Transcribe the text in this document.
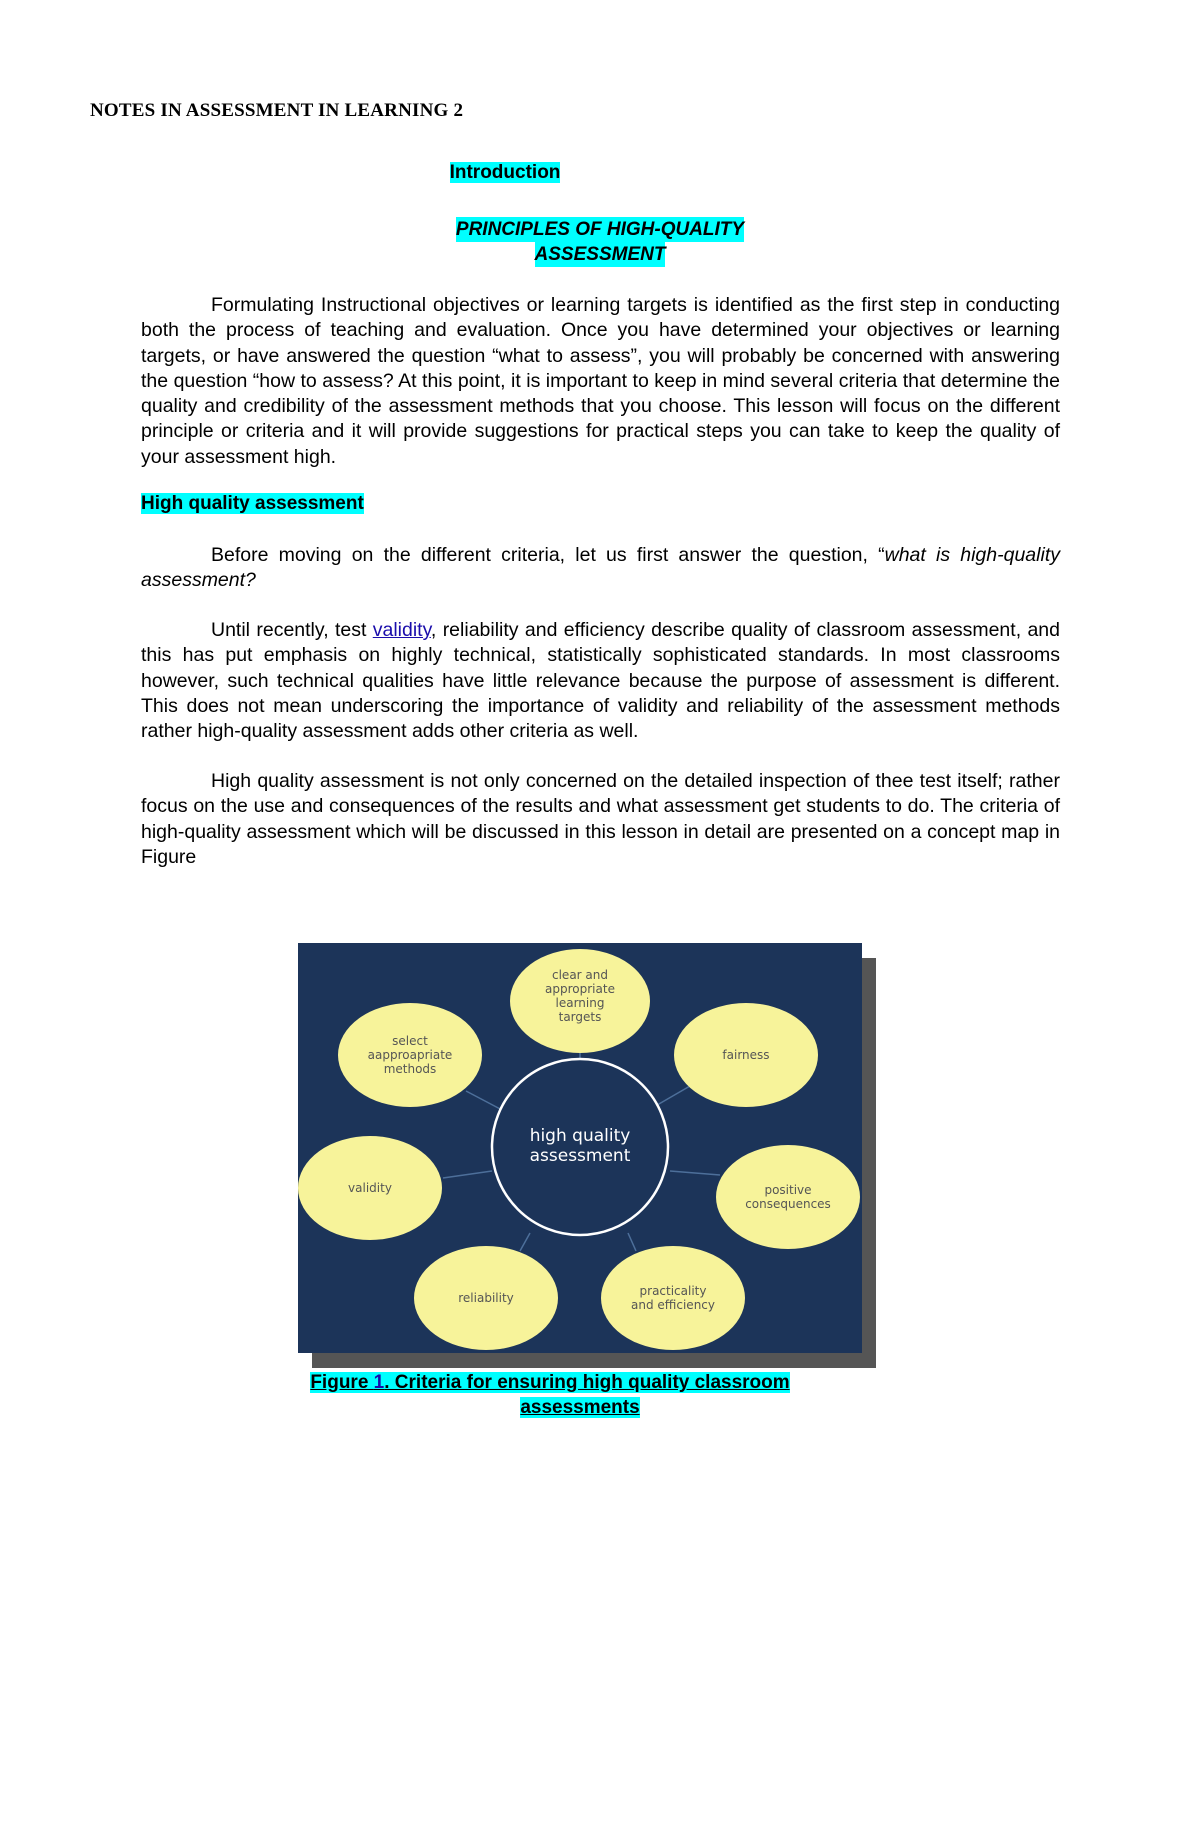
NOTES IN ASSESSMENT IN LEARNING 2
Introduction
PRINCIPLES OF HIGH-QUALITY
ASSESSMENT

Formulating Instructional objectives or learning targets is identified as the first step in conducting both the process of teaching and evaluation. Once you have determined your objectives or learning targets, or have answered the question “what to assess”, you will probably be concerned with answering the question “how to assess? At this point, it is important to keep in mind several criteria that determine the quality and credibility of the assessment methods that you choose. This lesson will focus on the different principle or criteria and it will provide suggestions for practical steps you can take to keep the quality of your assessment high.

High quality assessment

Before moving on the different criteria, let us first answer the question, “what is high-quality assessment?

Until recently, test validity, reliability and efficiency describe quality of classroom assessment, and this has put emphasis on highly technical, statistically sophisticated standards. In most classrooms however, such technical qualities have little relevance because the purpose of assessment is different. This does not mean underscoring the importance of validity and reliability of the assessment methods rather high-quality assessment adds other criteria as well.

High quality assessment is not only concerned on the detailed inspection of thee test itself; rather focus on the use and consequences of the results and what assessment get students to do. The criteria of high-quality assessment which will be discussed in this lesson in detail are presented on a concept map in Figure

high quality
assessment
clear and
appropriate
learning
targets
fairness
positive
consequences
practicality
and efficiency
reliability
validity
select
aapproapriate
methods
Figure 1. Criteria for ensuring high quality classroom
assessments
